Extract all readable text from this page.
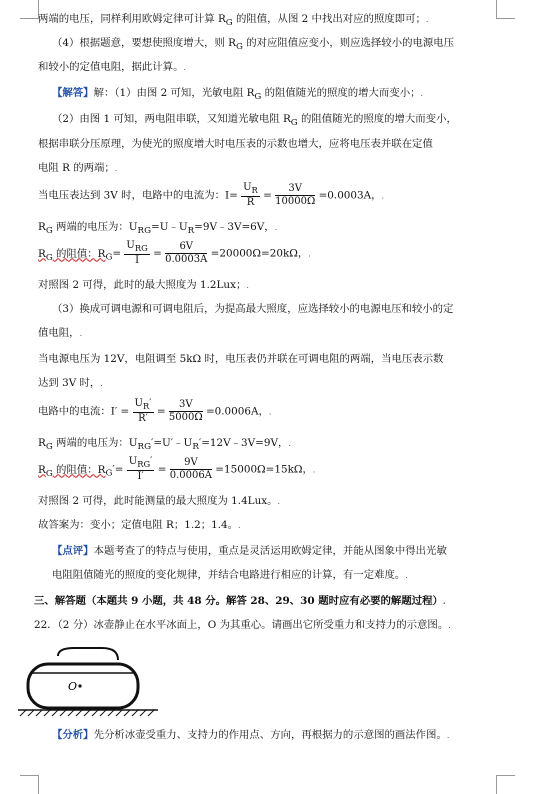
两端的电压，同样利用欧姆定律可计算 $R_G$ 的阻值，从图 2 中找出对应的照度即可；.
（4）根据题意，要想使照度增大，则 $R_G$ 的对应阻值应变小，则应选择较小的电源电压
和较小的定值电阻，据此计算。.
【解答】解：（1）由图 2 可知，光敏电阻 $R_G$ 的阻值随光的照度的增大而变小；.
（2）由图 1 可知，两电阻串联，又知道光敏电阻 $R_G$ 的阻值随光的照度的增大而变小，
根据串联分压原理，为使光的照度增大时电压表的示数也增大，应将电压表并联在定值
电阻 R 的两端；.
当电压表达到 3V 时，电路中的电流为：$I= \frac{U_R}{R} = \frac{3V}{10000\Omega} =0.0003A$，.
$R_G$ 两端的电压为：$U_{RG}=U﹣U_R=9V﹣3V=6V$，.
$R_G$ 的阻值：$R_G= \frac{U_{RG}}{I} = \frac{6V}{0.0003A} =20000\Omega=20k\Omega$，.
对照图 2 可得，此时的最大照度为 1.2Lux；.
（3）换成可调电源和可调电阻后，为提高最大照度，应选择较小的电源电压和较小的定
值电阻，.
当电源电压为 12V，电阻调至 5kΩ 时，电压表仍并联在可调电阻的两端，当电压表示数
达到 3V 时，.
电路中的电流：$I' = \frac{U_R'}{R'} = \frac{3V}{5000\Omega} =0.0006A$，.
$R_G$ 两端的电压为：$U_{RG}'=U'﹣U_R'=12V﹣3V=9V$，.
$R_G$ 的阻值：$R_G'= \frac{U_{RG}'}{I'} = \frac{9V}{0.0006A} =15000\Omega=15k\Omega$，.
对照图 2 可得，此时能测量的最大照度为 1.4Lux。.
故答案为：变小；定值电阻 R；1.2；1.4。.
【点评】本题考查了的特点与使用，重点是灵活运用欧姆定律，并能从图象中得出光敏
电阻阻值随光的照度的变化规律，并结合电路进行相应的计算，有一定难度。.
三、解答题（本题共 9 小题，共 48 分。解答 28、29、30 题时应有必要的解题过程）.
22．（2 分）冰壶静止在水平冰面上，O 为其重心。请画出它所受重力和支持力的示意图。.
【分析】先分析冰壶受重力、支持力的作用点、方向，再根据力的示意图的画法作图。.
O
